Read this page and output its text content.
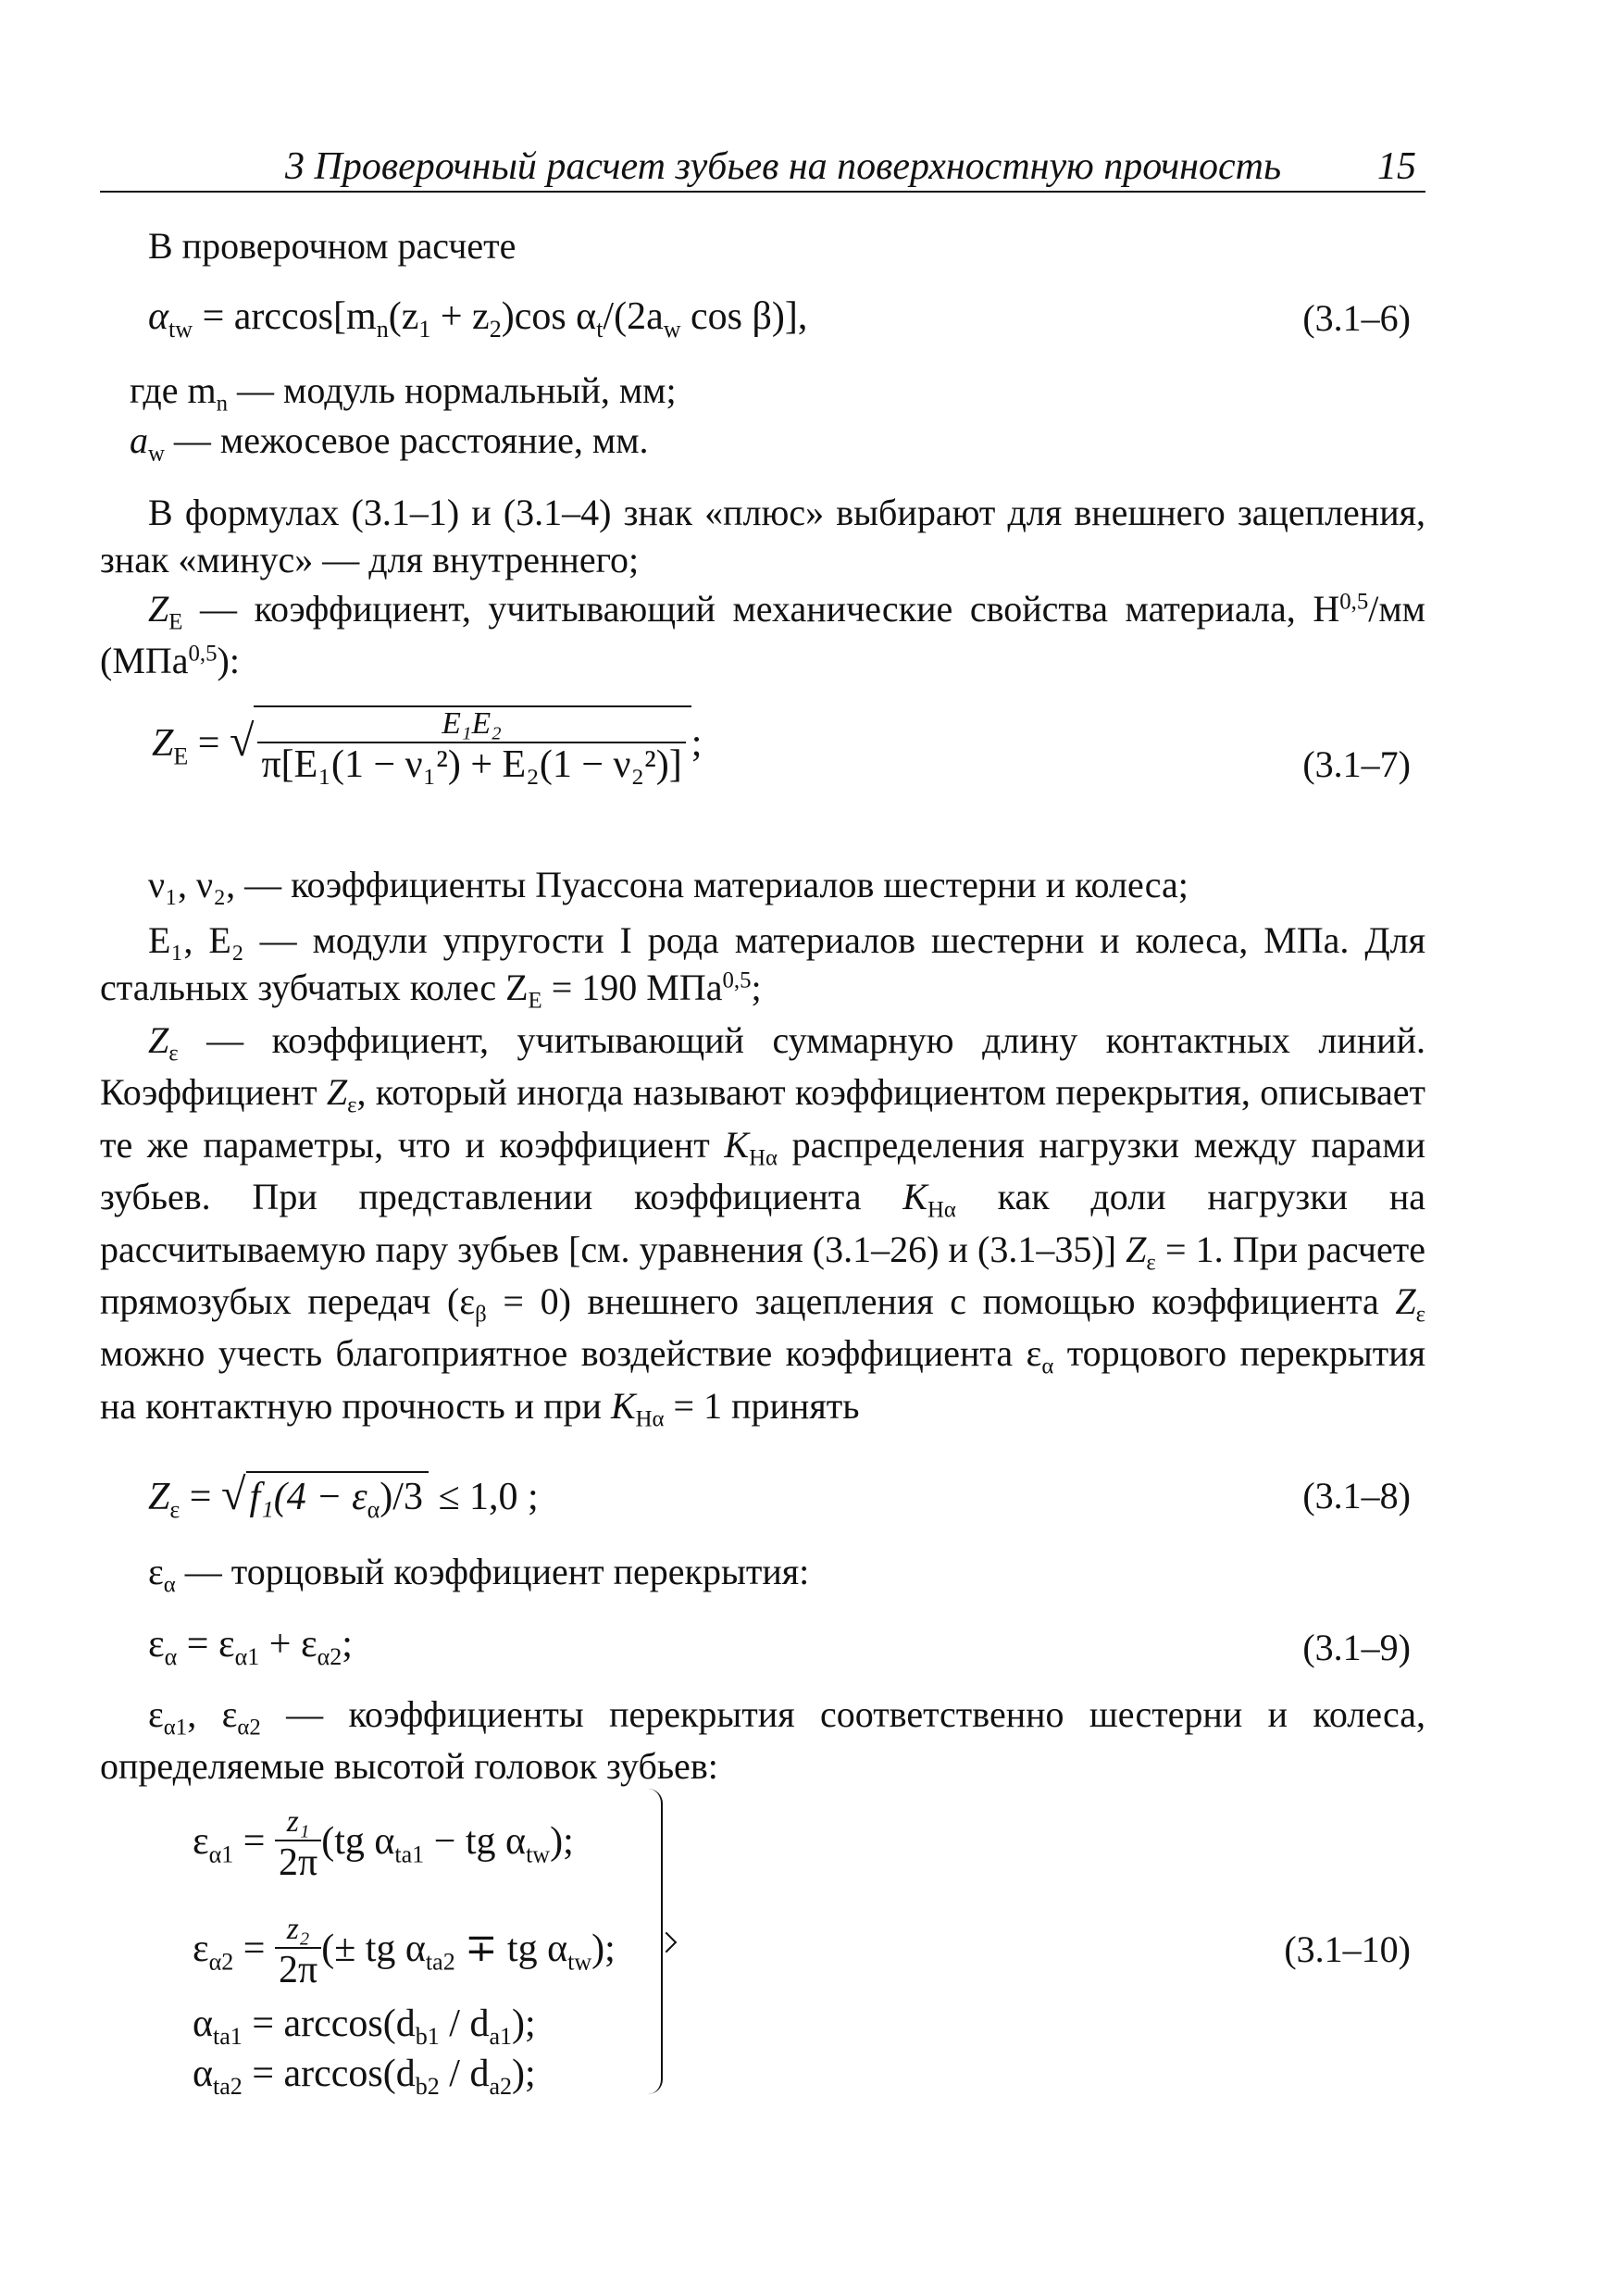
3 Проверочный расчет зубьев на поверхностную прочность 15
В проверочном расчете
$\alpha_{tw} = \arccos[m_n(z_1 + z_2)\cos$ $\alpha_t/(2a_w$ cos β)],	(3.1–6)
где $m_n$ — модуль нормальный, мм;
$a_w$ — межосевое расстояние, мм.

В формулах (3.1–1) и (3.1–4) знак «плюс» выбирают для внешнего зацепления, знак «минус» — для внутреннего;

$Z_E$ — коэффициент, учитывающий механические свойства материала, Н$^{0,5}$/мм (МПа$^{0,5}$):

$Z_E$ = √ $\frac{\text{E₁E₂}}{\text{π[E₁(1 − ν₁²) + E₂(1 − ν₂²)]}}$ ;	(3.1–7)

ν₁, ν₂, — коэффициенты Пуассона материалов шестерни и колеса;

E₁, E₂ — модули упругости I рода материалов шестерни и колеса, МПа. Для стальных зубчатых колес $Z_E = 190$ МПа$^{0,5}$;

$Z_\varepsilon$ — коэффициент, учитывающий суммарную длину контактных линий. Коэффициент $Z_\varepsilon$, который иногда называют коэффициентом перекрытия, описывает те же параметры, что и коэффициент $K_{H\alpha}$ распределения нагрузки между парами зубьев. При представлении коэффициента $K_{H\alpha}$ как доли нагрузки на рассчитываемую пару зубьев [см. уравнения (3.1–26) и (3.1–35)] $Z_\varepsilon = 1$. При расчете прямозубых передач $(\varepsilon_\beta = 0)$ внешнего зацепления с помощью коэффициента $Z_\varepsilon$ можно учесть благоприятное воздействие коэффициента $\varepsilon_\alpha$ торцового перекрытия на контактную прочность и при $K_{H\alpha} = 1$ принять

$Z_\varepsilon = √f_1(4 - \varepsilon_\alpha)/3 \le 1,0$ ;	(3.1–8)
$\varepsilon_\alpha$ — торцовый коэффициент перекрытия:
$\varepsilon_\alpha = \varepsilon_{\alpha 1} + \varepsilon_{\alpha 2}$;	(3.1–9)

$\varepsilon_{\alpha 1}$, $\varepsilon_{\alpha 2}$ — коэффициенты перекрытия соответственно шестерни и колеса, определяемые высотой головок зубьев:

$\varepsilon_{\alpha 1} = \frac{\text{z₁}}{2\pi} (tg$ $\alpha_{ta1}$ − tg $\alpha_{tw}$);
$\varepsilon_{\alpha 2} = \frac{\text{z₂}}{2\pi}$ (± tg $\alpha_{ta2}$ ∓ tg $\alpha_{tw}$);
$\alpha_{ta1} = \arccos(d_{b1} / d_{a1})$;
$\alpha_{ta2} = \arccos(d_{b2} / d_{a2})$;
(3.1–10)
